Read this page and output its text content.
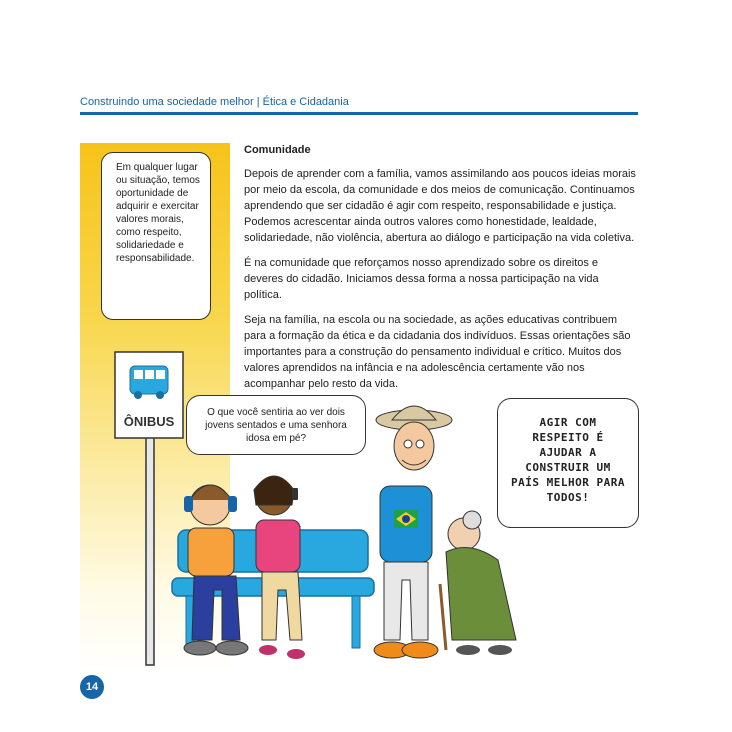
Construindo uma sociedade melhor | Ética e Cidadania
Em qualquer lugar ou situação, temos oportunidade de adquirir e exercitar valores morais, como respeito, solidariedade e responsabilidade.
Comunidade

Depois de aprender com a família, vamos assimilando aos poucos ideias morais por meio da escola, da comunidade e dos meios de comunicação. Continuamos aprendendo que ser cidadão é agir com respeito, responsabilidade e justiça. Podemos acrescentar ainda outros valores como honestidade, lealdade, solidariedade, não violência, abertura ao diálogo e participação na vida coletiva.

É na comunidade que reforçamos nosso aprendizado sobre os direitos e deveres do cidadão. Iniciamos dessa forma a nossa participação na vida política.

Seja na família, na escola ou na sociedade, as ações educativas contribuem para a formação da ética e da cidadania dos indivíduos. Essas orientações são importantes para a construção do pensamento individual e crítico. Muitos dos valores aprendidos na infância e na adolescência certamente vão nos acompanhar pelo resto da vida.

ÔNIBUS
O que você sentiria ao ver dois jovens sentados e uma senhora idosa em pé?
AGIR COM RESPEITO É AJUDAR A CONSTRUIR UM PAÍS MELHOR PARA TODOS!
14
